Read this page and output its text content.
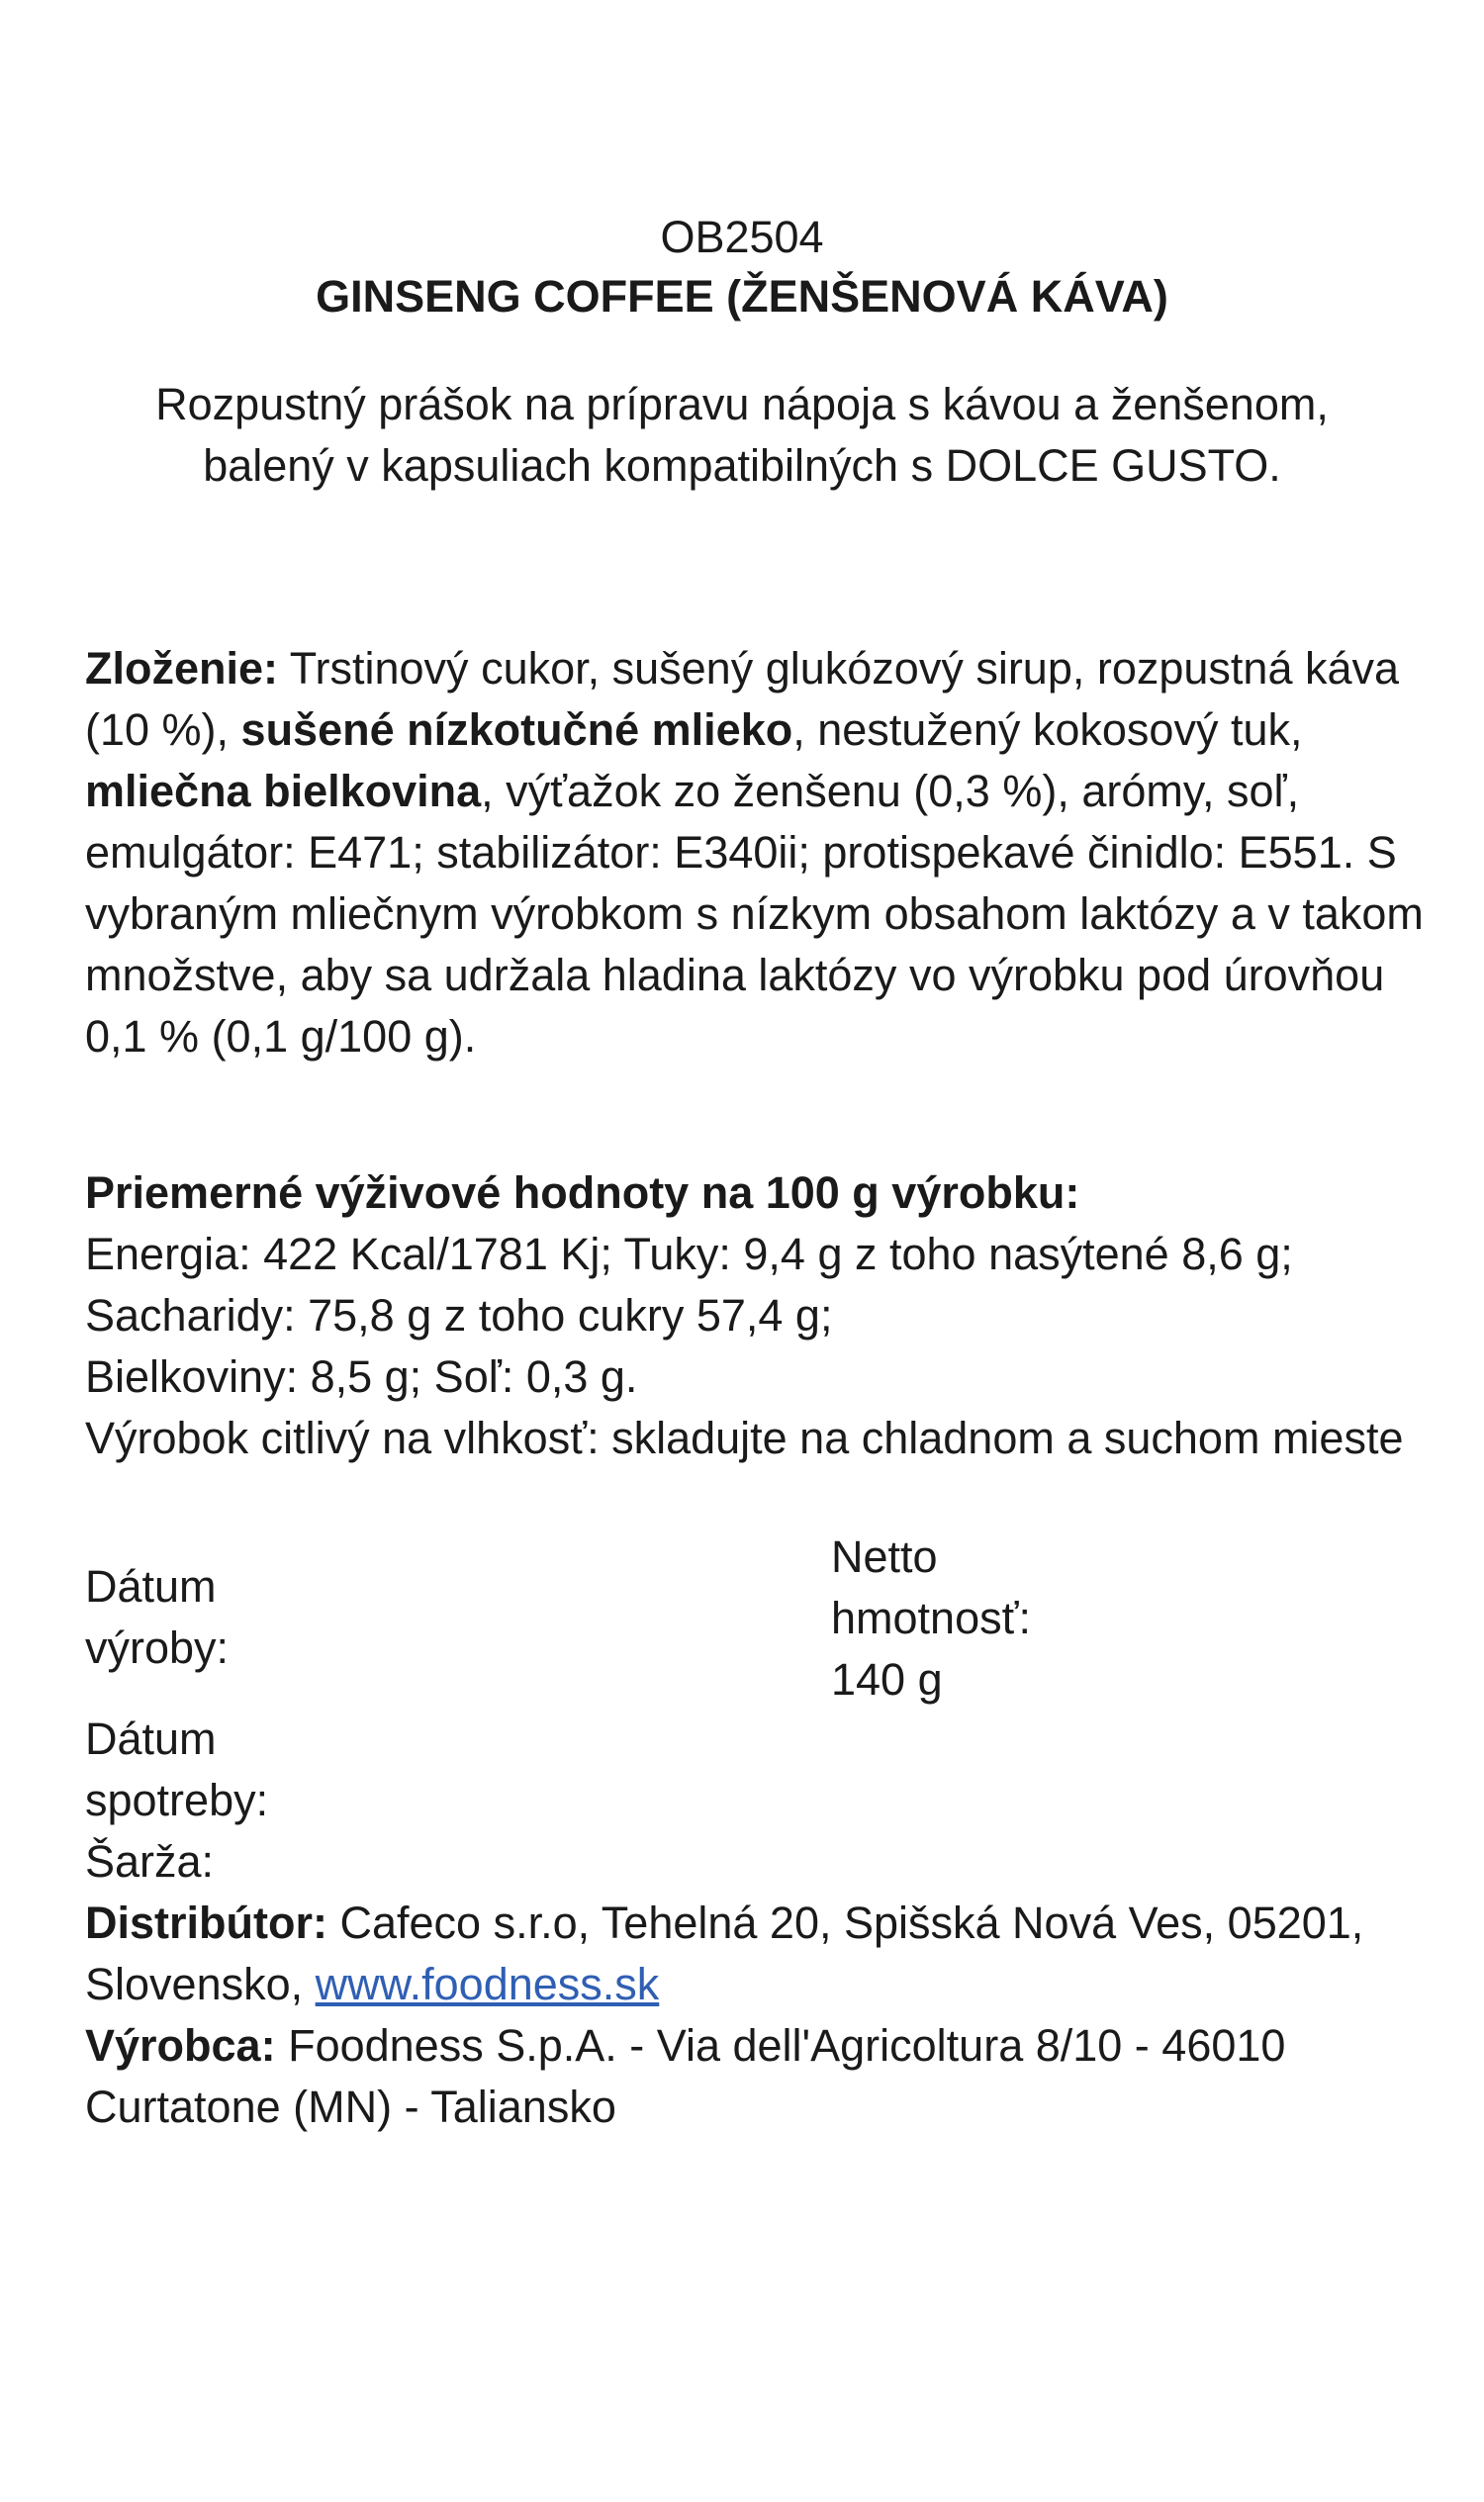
OB2504
GINSENG COFFEE (ŽENŠENOVÁ KÁVA)
Rozpustný prášok na prípravu nápoja s kávou a ženšenom,
balený v kapsuliach kompatibilných s DOLCE GUSTO.
Zloženie: Trstinový cukor, sušený glukózový sirup, rozpustná káva (10 %), sušené nízkotučné mlieko, nestužený kokosový tuk, mliečna bielkovina, výťažok zo ženšenu (0,3 %), arómy, soľ, emulgátor: E471; stabilizátor: E340ii; protispekavé činidlo: E551. S vybraným mliečnym výrobkom s nízkym obsahom laktózy a v takom množstve, aby sa udržala hladina laktózy vo výrobku pod úrovňou 0,1 % (0,1 g/100 g).
Priemerné výživové hodnoty na 100 g výrobku:
Energia: 422 Kcal/1781 Kj; Tuky: 9,4 g z toho nasýtené 8,6 g;
Sacharidy: 75,8 g z toho cukry 57,4 g;
Bielkoviny: 8,5 g; Soľ: 0,3 g.
Výrobok citlivý na vlhkosť: skladujte na chladnom a suchom mieste
Dátum
výroby:
Netto
hmotnosť:
140 g
Dátum
spotreby:
Šarža:
Distribútor: Cafeco s.r.o, Tehelná 20, Spišská Nová Ves, 05201, Slovensko, www.foodness.sk
Výrobca: Foodness S.p.A. - Via dell'Agricoltura 8/10 - 46010 Curtatone (MN) - Taliansko
